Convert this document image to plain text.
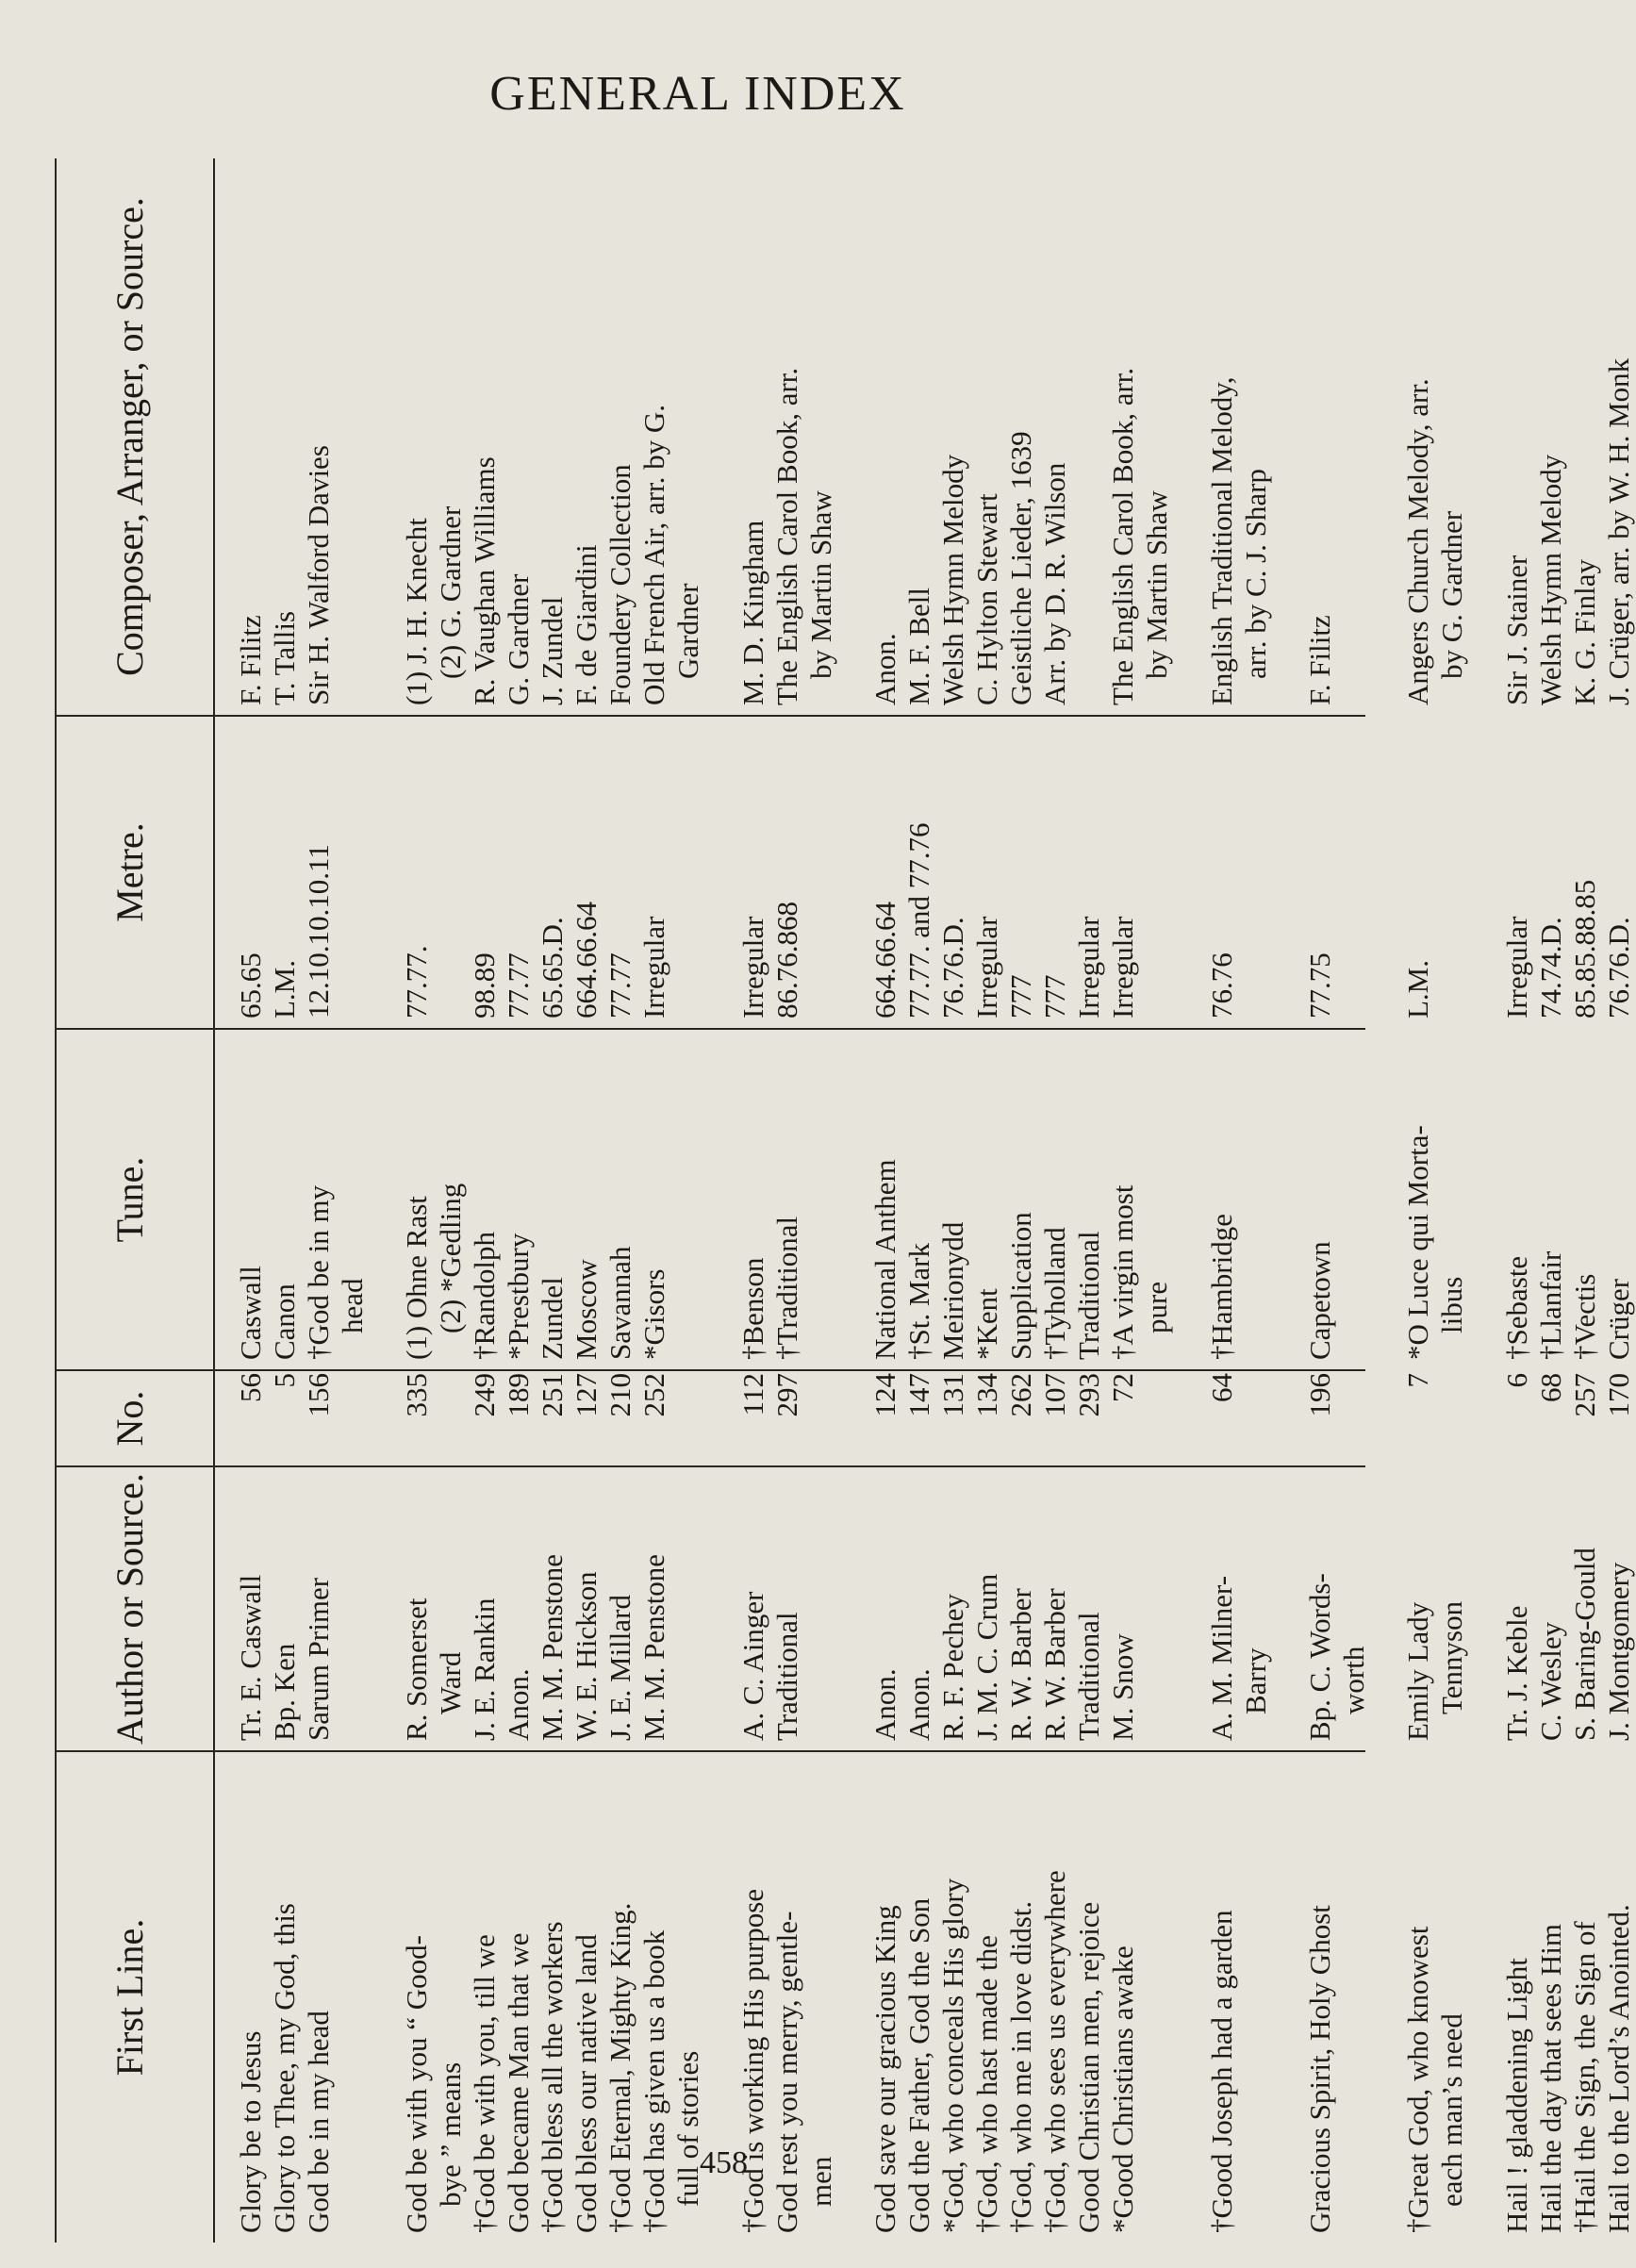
GENERAL INDEX
First Line.
Author or Source.
No.
Tune.
Metre.
Composer, Arranger, or Source.
Glory be to Jesus
Tr. E. Caswall
56
Caswall
65.65
F. Filitz
Glory to Thee, my God, this
Bp. Ken
5
Canon
L.M.
T. Tallis
God be in my head
Sarum Primer
156
†God be in my head
12.10.10.10.11
Sir H. Walford Davies
God be with you “ Good- bye ” means
R. Somerset Ward
335
(1) Ohne Rast (2) *Gedling
77.77.
(1) J. H. Knecht (2) G. Gardner
†God be with you, till we
J. E. Rankin
249
†Randolph
98.89
R. Vaughan Williams
God became Man that we
Anon.
189
*Prestbury
77.77
G. Gardner
†God bless all the workers
M. M. Penstone
251
Zundel
65.65.D.
J. Zundel
God bless our native land
W. E. Hickson
127
Moscow
664.66.64
F. de Giardini
†God Eternal, Mighty King.
J. E. Millard
210
Savannah
77.77
Foundery Collection
†God has given us a book full of stories
M. M. Penstone
252
*Gisors
Irregular
Old French Air, arr. by G. Gardner
†God is working His purpose
A. C. Ainger
112
†Benson
Irregular
M. D. Kingham
God rest you merry, gentle- men
Traditional
297
†Traditional
86.76.868
The English Carol Book, arr. by Martin Shaw
God save our gracious King
Anon.
124
National Anthem
664.66.64
Anon.
God the Father, God the Son
Anon.
147
†St. Mark
77.77. and 77.76
M. F. Bell
*God, who conceals His glory
R. F. Pechey
131
Meirionydd
76.76.D.
Welsh Hymn Melody
†God, who hast made the
J. M. C. Crum
134
*Kent
Irregular
C. Hylton Stewart
†God, who me in love didst.
R. W. Barber
262
Supplication
777
Geistliche Lieder, 1639
†God, who sees us everywhere
R. W. Barber
107
†Tyholland
777
Arr. by D. R. Wilson
Good Christian men, rejoice
Traditional
293
Traditional
Irregular
*Good Christians awake
M. Snow
72
†A virgin most pure
Irregular
The English Carol Book, arr. by Martin Shaw
†Good Joseph had a garden
A. M. Milner- Barry
64
†Hambridge
76.76
English Traditional Melody, arr. by C. J. Sharp
Gracious Spirit, Holy Ghost
Bp. C. Words- worth
196
Capetown
77.75
F. Filitz
†Great God, who knowest each man’s need
Emily Lady Tennyson
7
*O Luce qui Morta- libus
L.M.
Angers Church Melody, arr. by G. Gardner
Hail ! gladdening Light
Tr. J. Keble
6
†Sebaste
Irregular
Sir J. Stainer
Hail the day that sees Him
C. Wesley
68
†Llanfair
74.74.D.
Welsh Hymn Melody
†Hail the Sign, the Sign of
S. Baring-Gould
257
†Vectis
85.85.88.85
K. G. Finlay
Hail to the Lord’s Anointed.
J. Montgomery
170
Crüger
76.76.D.
J. Crüger, arr. by W. H. Monk
458
